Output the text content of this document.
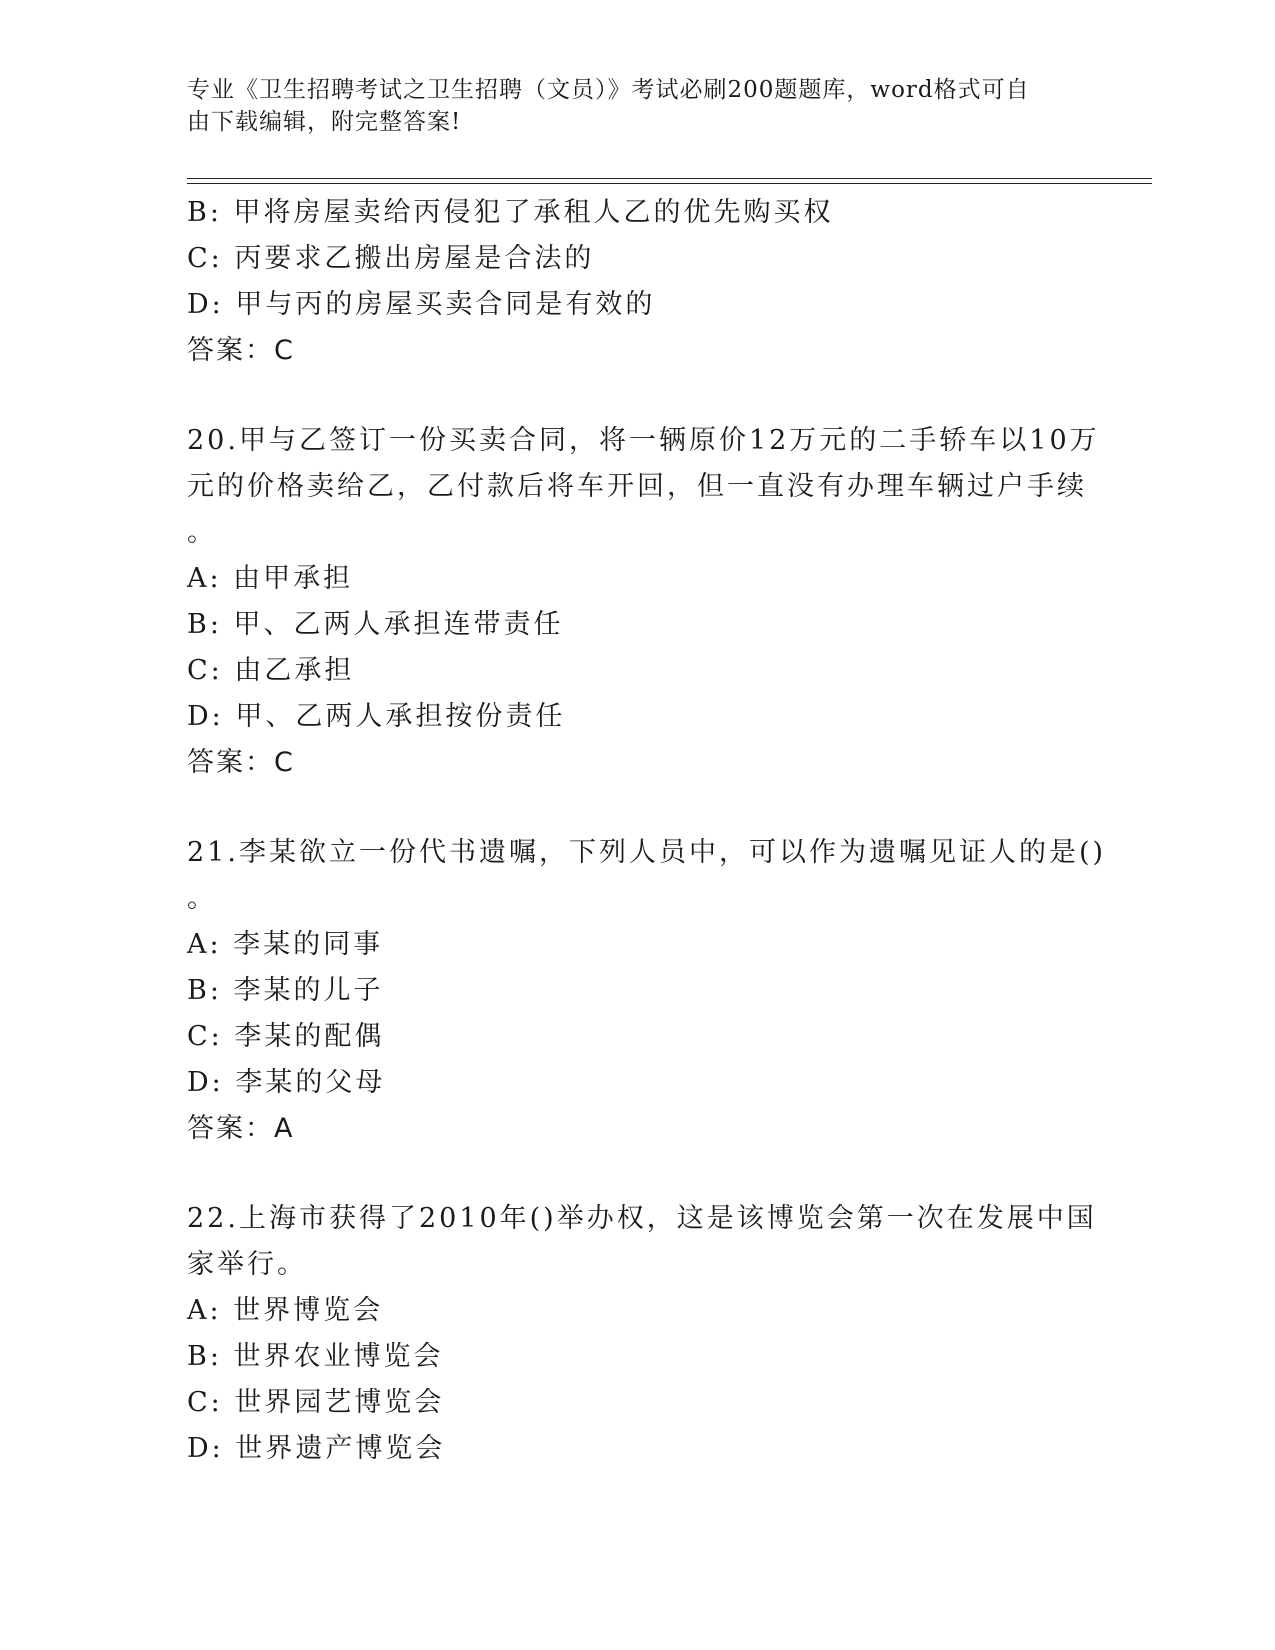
专业《卫生招聘考试之卫生招聘（文员）》考试必刷200题题库，word格式可自
由下载编辑，附完整答案!
B: 甲将房屋卖给丙侵犯了承租人乙的优先购买权
C: 丙要求乙搬出房屋是合法的
D: 甲与丙的房屋买卖合同是有效的
答案：C
20.甲与乙签订一份买卖合同，将一辆原价12万元的二手轿车以10万
元的价格卖给乙，乙付款后将车开回，但一直没有办理车辆过户手续
。
A: 由甲承担
B: 甲、乙两人承担连带责任
C: 由乙承担
D: 甲、乙两人承担按份责任
答案：C
21.李某欲立一份代书遗嘱，下列人员中，可以作为遗嘱见证人的是()
。
A: 李某的同事
B: 李某的儿子
C: 李某的配偶
D: 李某的父母
答案：A
22.上海市获得了2010年()举办权，这是该博览会第一次在发展中国
家举行。
A: 世界博览会
B: 世界农业博览会
C: 世界园艺博览会
D: 世界遗产博览会
